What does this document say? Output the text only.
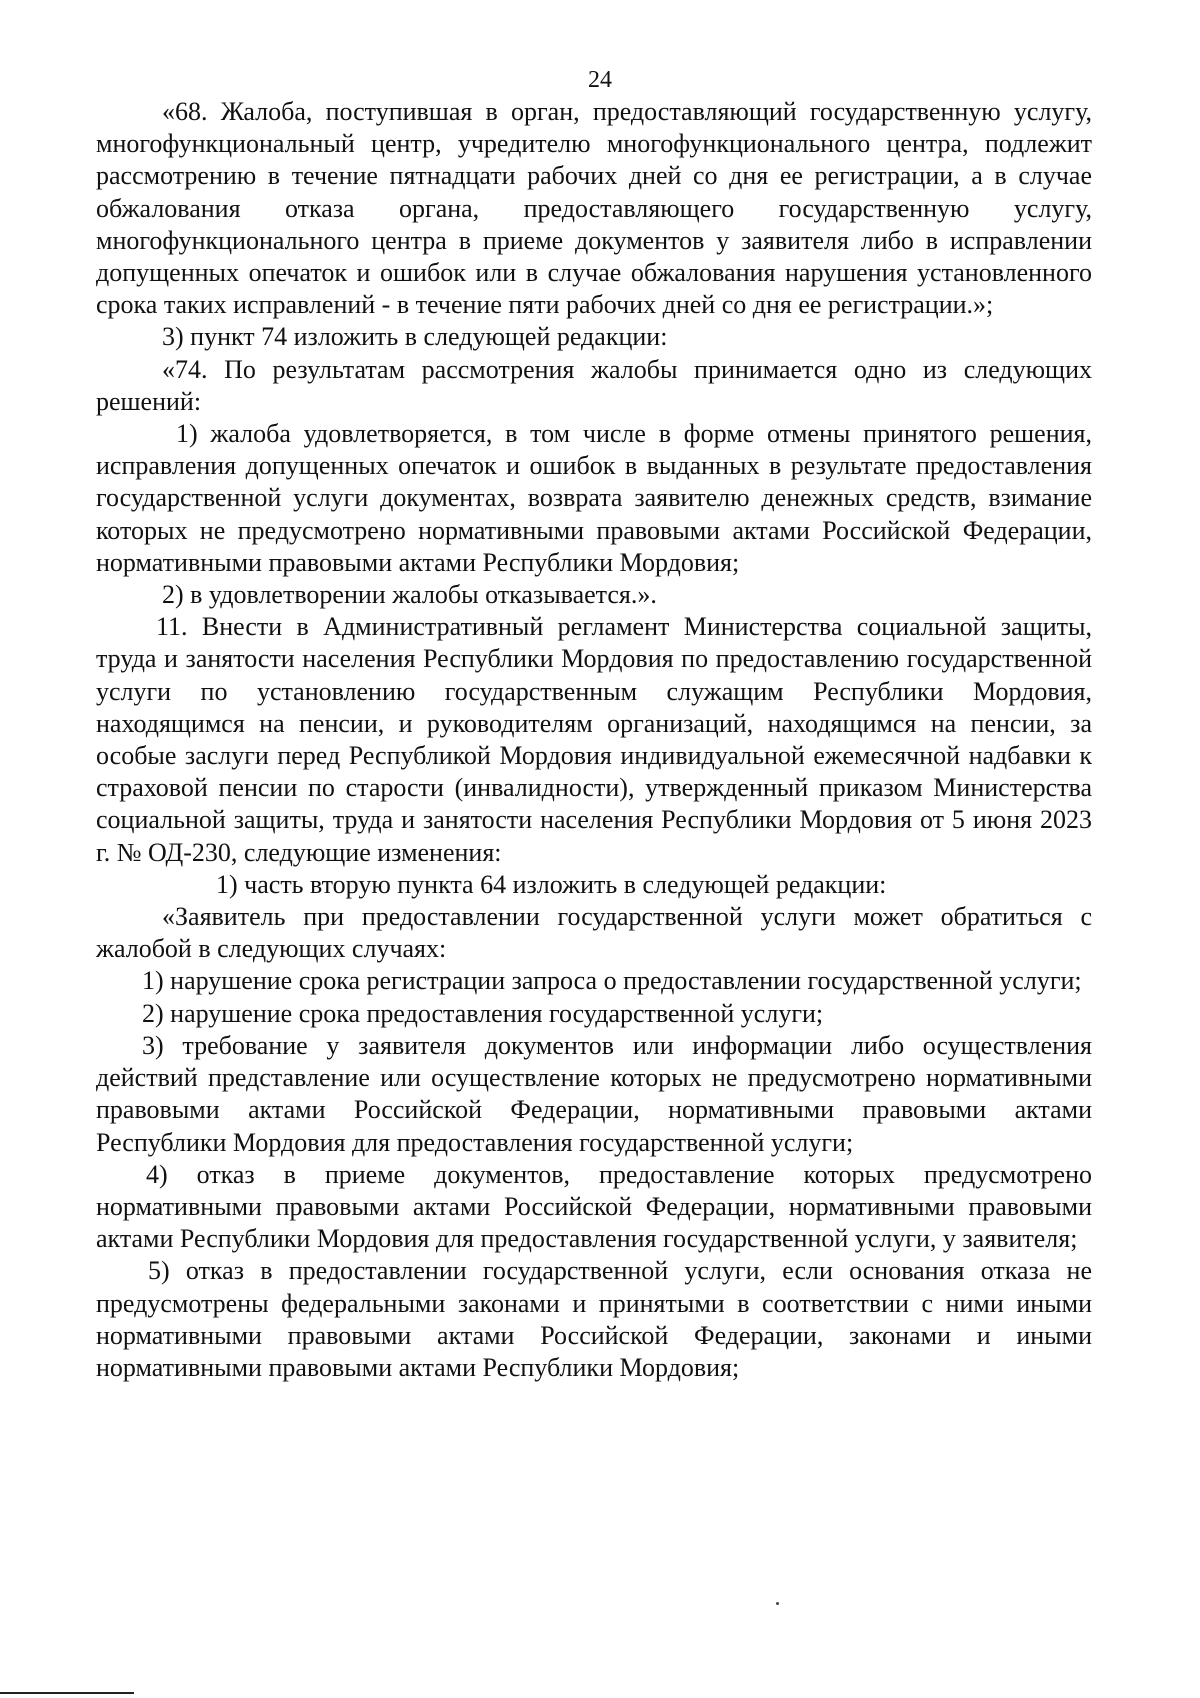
24

«68. Жалоба, поступившая в орган, предоставляющий государственную услугу, многофункциональный центр, учредителю многофункционального центра, подлежит рассмотрению в течение пятнадцати рабочих дней со дня ее регистрации, а в случае обжалования отказа органа, предоставляющего государственную услугу, многофункционального центра в приеме документов у заявителя либо в исправлении допущенных опечаток и ошибок или в случае обжалования нарушения установленного срока таких исправлений - в течение пяти рабочих дней со дня ее регистрации.»;

3) пункт 74 изложить в следующей редакции:

«74. По результатам рассмотрения жалобы принимается одно из следующих решений:

1) жалоба удовлетворяется, в том числе в форме отмены принятого решения, исправления допущенных опечаток и ошибок в выданных в результате предоставления государственной услуги документах, возврата заявителю денежных средств, взимание которых не предусмотрено нормативными правовыми актами Российской Федерации, нормативными правовыми актами Республики Мордовия;

2) в удовлетворении жалобы отказывается.».

11. Внести в Административный регламент Министерства социальной защиты, труда и занятости населения Республики Мордовия по предоставлению государственной услуги по установлению государственным служащим Республики Мордовия, находящимся на пенсии, и руководителям организаций, находящимся на пенсии, за особые заслуги перед Республикой Мордовия индивидуальной ежемесячной надбавки к страховой пенсии по старости (инвалидности), утвержденный приказом Министерства социальной защиты, труда и занятости населения Республики Мордовия от 5 июня 2023 г. № ОД-230, следующие изменения:

1) часть вторую пункта 64 изложить в следующей редакции:

«Заявитель при предоставлении государственной услуги может обратиться с жалобой в следующих случаях:

1) нарушение срока регистрации запроса о предоставлении государственной услуги;

2) нарушение срока предоставления государственной услуги;

3) требование у заявителя документов или информации либо осуществления действий представление или осуществление которых не предусмотрено нормативными правовыми актами Российской Федерации, нормативными правовыми актами Республики Мордовия для предоставления государственной услуги;

4) отказ в приеме документов, предоставление которых предусмотрено нормативными правовыми актами Российской Федерации, нормативными правовыми актами Республики Мордовия для предоставления государственной услуги, у заявителя;

5) отказ в предоставлении государственной услуги, если основания отказа не предусмотрены федеральными законами и принятыми в соответствии с ними иными нормативными правовыми актами Российской Федерации, законами и иными нормативными правовыми актами Республики Мордовия;
